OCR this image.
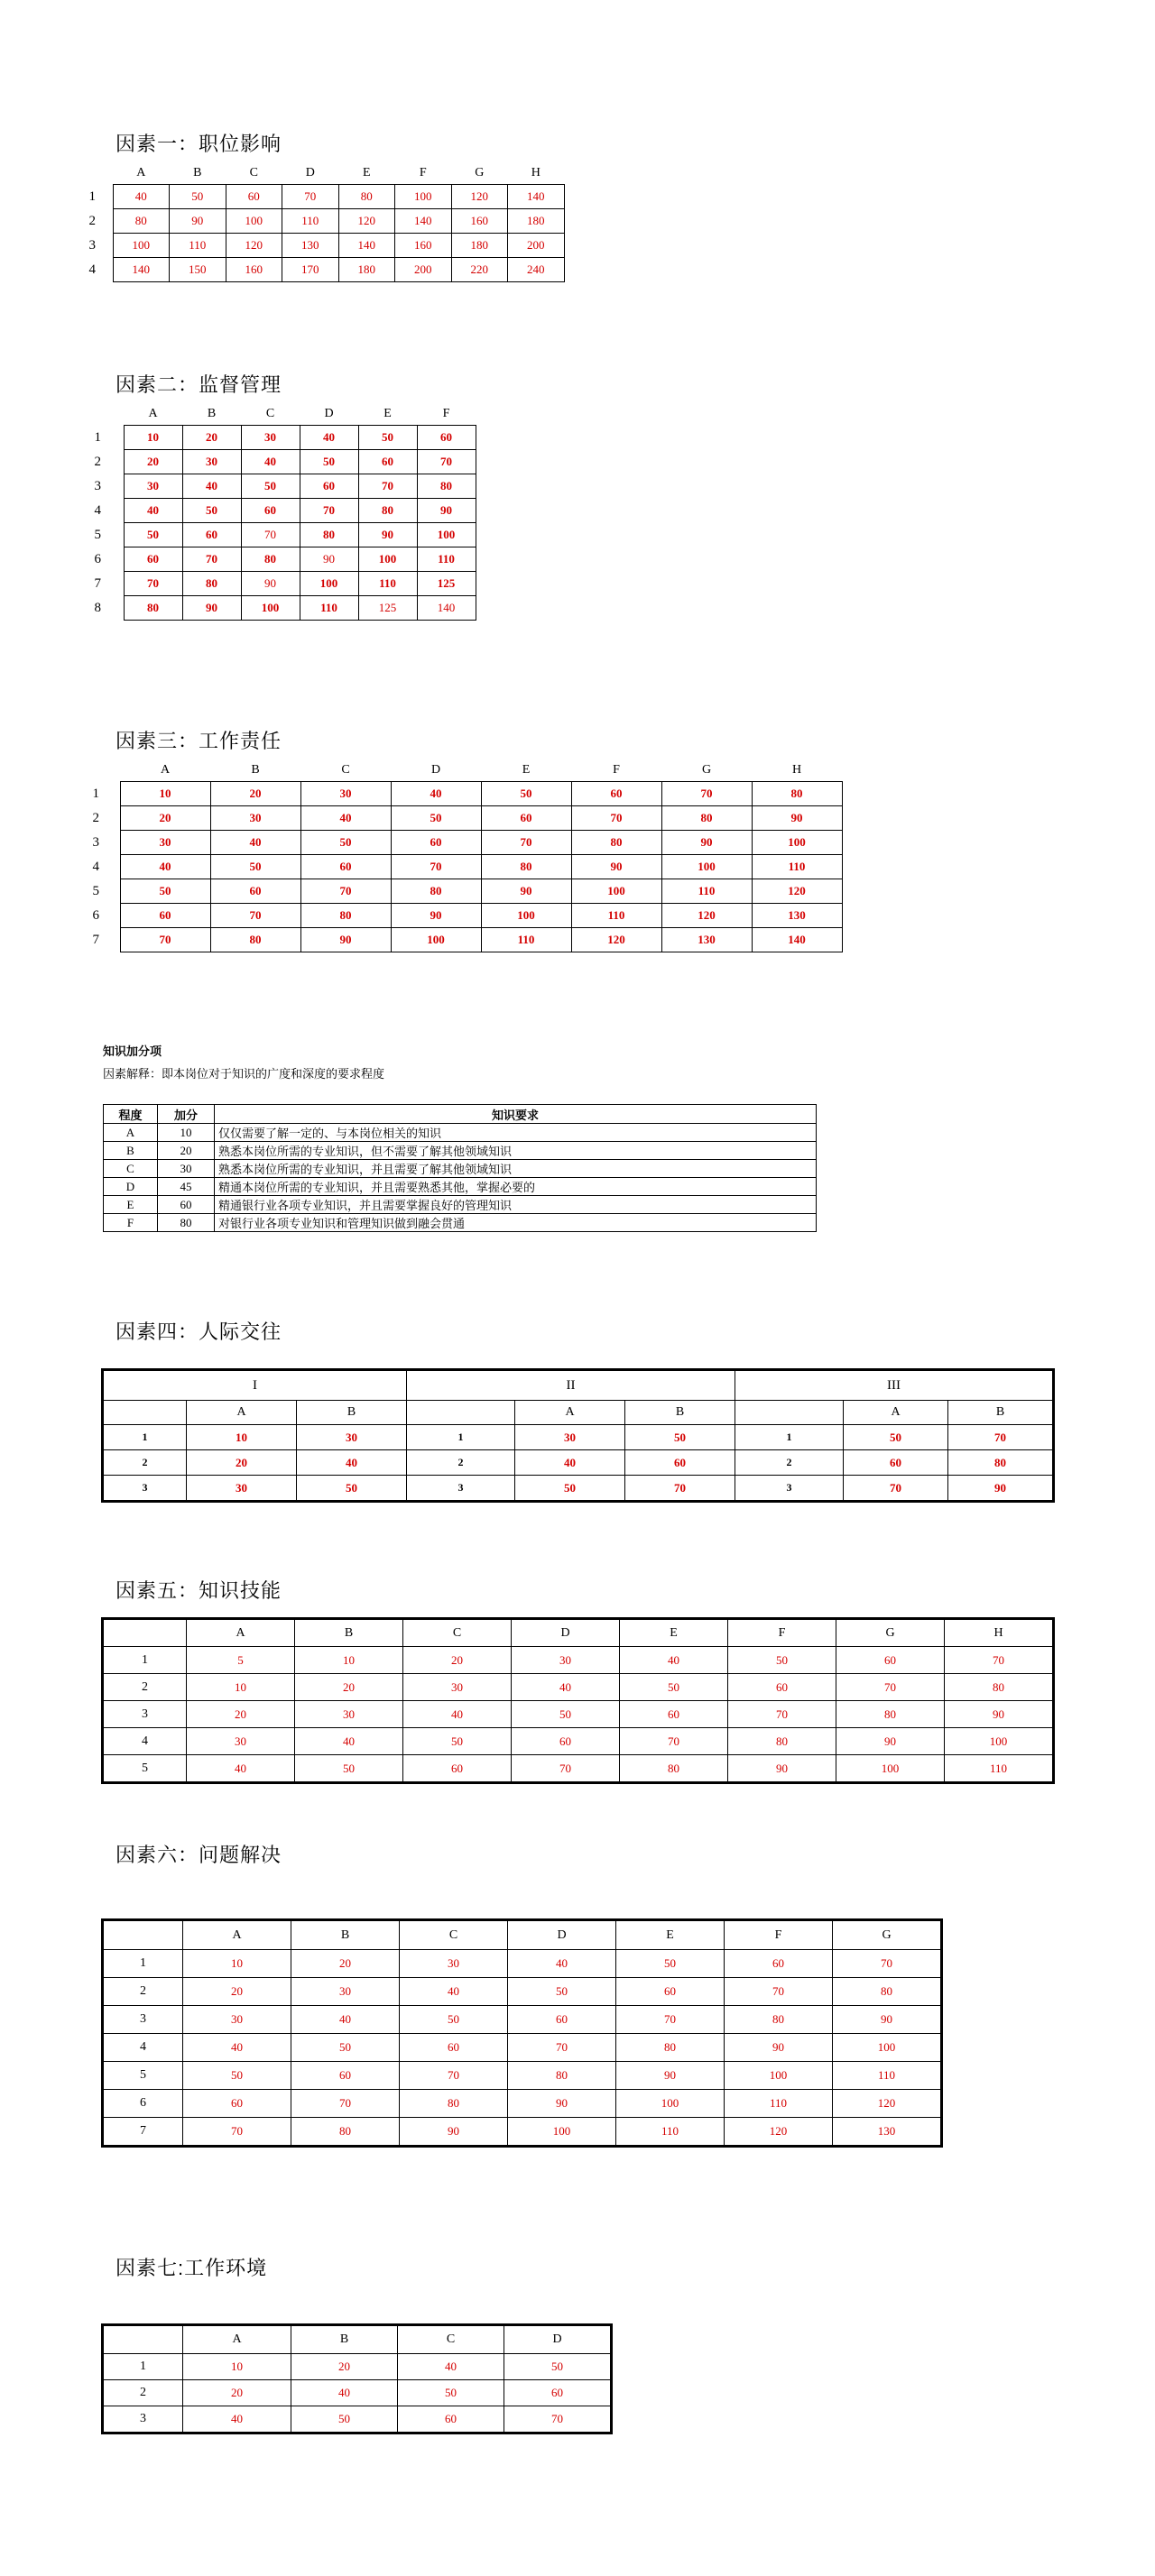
因素一：职位影响
	A	B	C	D	E	F	G	H
1	40	50	60	70	80	100	120	140
2	80	90	100	110	120	140	160	180
3	100	110	120	130	140	160	180	200
4	140	150	160	170	180	200	220	240
因素二：监督管理
	A	B	C	D	E	F
1	10	20	30	40	50	60
2	20	30	40	50	60	70
3	30	40	50	60	70	80
4	40	50	60	70	80	90
5	50	60	70	80	90	100
6	60	70	80	90	100	110
7	70	80	90	100	110	125
8	80	90	100	110	125	140
因素三：工作责任
	A	B	C	D	E	F	G	H
1	10	20	30	40	50	60	70	80
2	20	30	40	50	60	70	80	90
3	30	40	50	60	70	80	90	100
4	40	50	60	70	80	90	100	110
5	50	60	70	80	90	100	110	120
6	60	70	80	90	100	110	120	130
7	70	80	90	100	110	120	130	140
知识加分项
因素解释：即本岗位对于知识的广度和深度的要求程度
程度	加分	知识要求
A	10	仅仅需要了解一定的、与本岗位相关的知识
B	20	熟悉本岗位所需的专业知识，但不需要了解其他领域知识
C	30	熟悉本岗位所需的专业知识，并且需要了解其他领域知识
D	45	精通本岗位所需的专业知识，并且需要熟悉其他，掌握必要的
E	60	精通银行业各项专业知识，并且需要掌握良好的管理知识
F	80	对银行业各项专业知识和管理知识做到融会贯通
因素四：人际交往
I			II			III		
	A	B		A	B		A	B
1	10	30	1	30	50	1	50	70
2	20	40	2	40	60	2	60	80
3	30	50	3	50	70	3	70	90
因素五：知识技能
	A	B	C	D	E	F	G	H
1	5	10	20	30	40	50	60	70
2	10	20	30	40	50	60	70	80
3	20	30	40	50	60	70	80	90
4	30	40	50	60	70	80	90	100
5	40	50	60	70	80	90	100	110
因素六：问题解决
	A	B	C	D	E	F	G
1	10	20	30	40	50	60	70
2	20	30	40	50	60	70	80
3	30	40	50	60	70	80	90
4	40	50	60	70	80	90	100
5	50	60	70	80	90	100	110
6	60	70	80	90	100	110	120
7	70	80	90	100	110	120	130
因素七:工作环境
	A	B	C	D
1	10	20	40	50
2	20	40	50	60
3	40	50	60	70
